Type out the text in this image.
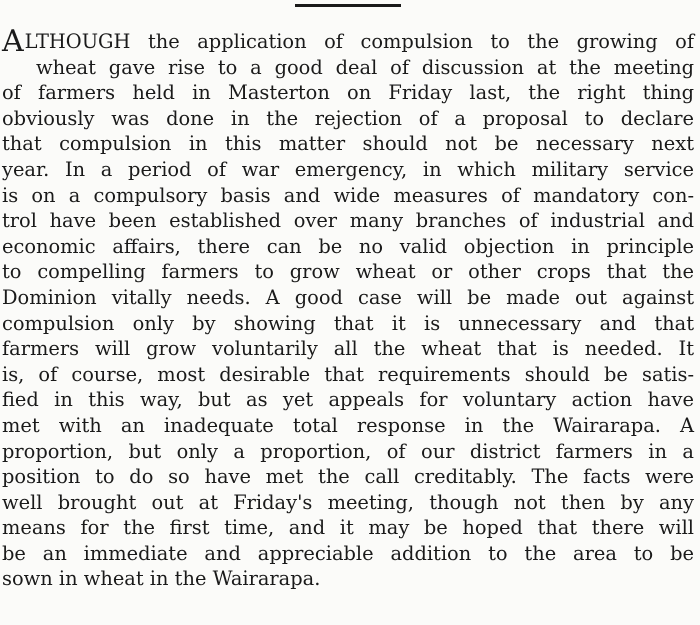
ALTHOUGH the application of compulsion to the growing of
wheat gave rise to a good deal of discussion at the meeting
of farmers held in Masterton on Friday last, the right thing
obviously was done in the rejection of a proposal to declare
that compulsion in this matter should not be necessary next
year. In a period of war emergency, in which military service
is on a compulsory basis and wide measures of mandatory con-
trol have been established over many branches of industrial and
economic affairs, there can be no valid objection in principle
to compelling farmers to grow wheat or other crops that the
Dominion vitally needs. A good case will be made out against
compulsion only by showing that it is unnecessary and that
farmers will grow voluntarily all the wheat that is needed. It
is, of course, most desirable that requirements should be satis-
fied in this way, but as yet appeals for voluntary action have
met with an inadequate total response in the Wairarapa. A
proportion, but only a proportion, of our district farmers in a
position to do so have met the call creditably. The facts were
well brought out at Friday's meeting, though not then by any
means for the first time, and it may be hoped that there will
be an immediate and appreciable addition to the area to be
sown in wheat in the Wairarapa.
